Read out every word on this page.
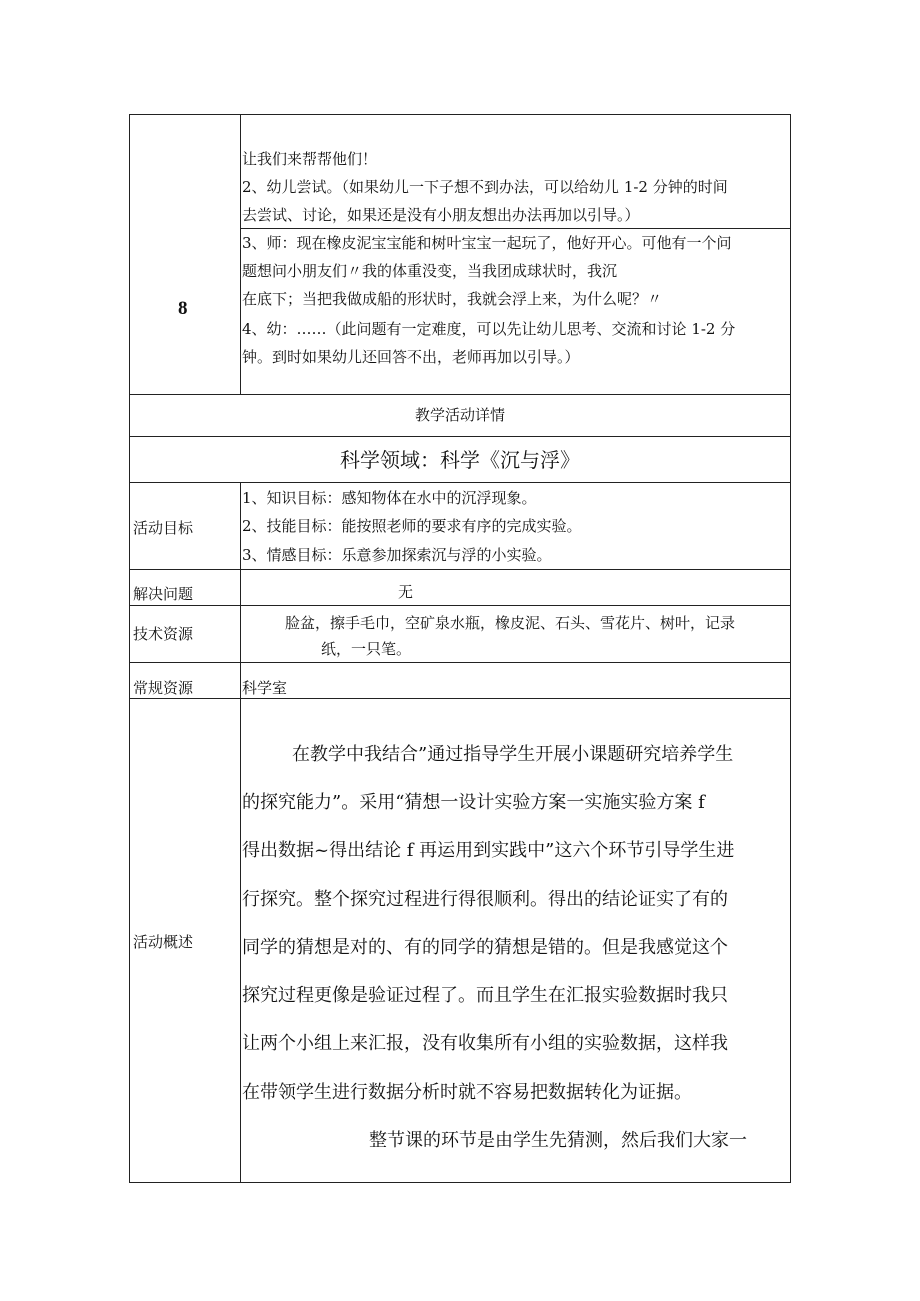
8
让我们来帮帮他们！
2、幼儿尝试。（如果幼儿一下子想不到办法，可以给幼儿 1-2 分钟的时间
去尝试、讨论，如果还是没有小朋友想出办法再加以引导。）
3、师：现在橡皮泥宝宝能和树叶宝宝一起玩了，他好开心。可他有一个问
题想问小朋友们〃我的体重没变，当我团成球状时，我沉
在底下；当把我做成船的形状时，我就会浮上来，为什么呢？〃
4、幼：……（此问题有一定难度，可以先让幼儿思考、交流和讨论 1-2 分
钟。到时如果幼儿还回答不出，老师再加以引导。）
教学活动详情
科学领域：科学《沉与浮》
活动目标
1、知识目标：感知物体在水中的沉浮现象。
2、技能目标：能按照老师的要求有序的完成实验。
3、情感目标：乐意参加探索沉与浮的小实验。
解决问题	无
技术资源
脸盆，擦手毛巾，空矿泉水瓶，橡皮泥、石头、雪花片、树叶，记录
纸，一只笔。
常规资源	科学室
活动概述
在教学中我结合”通过指导学生开展小课题研究培养学生
的探究能力”。采用“猜想一设计实验方案一实施实验方案 f
得出数据~得出结论 f 再运用到实践中”这六个环节引导学生进
行探究。整个探究过程进行得很顺利。得出的结论证实了有的
同学的猜想是对的、有的同学的猜想是错的。但是我感觉这个
探究过程更像是验证过程了。而且学生在汇报实验数据时我只
让两个小组上来汇报，没有收集所有小组的实验数据，这样我
在带领学生进行数据分析时就不容易把数据转化为证据。
整节课的环节是由学生先猜测，然后我们大家一
